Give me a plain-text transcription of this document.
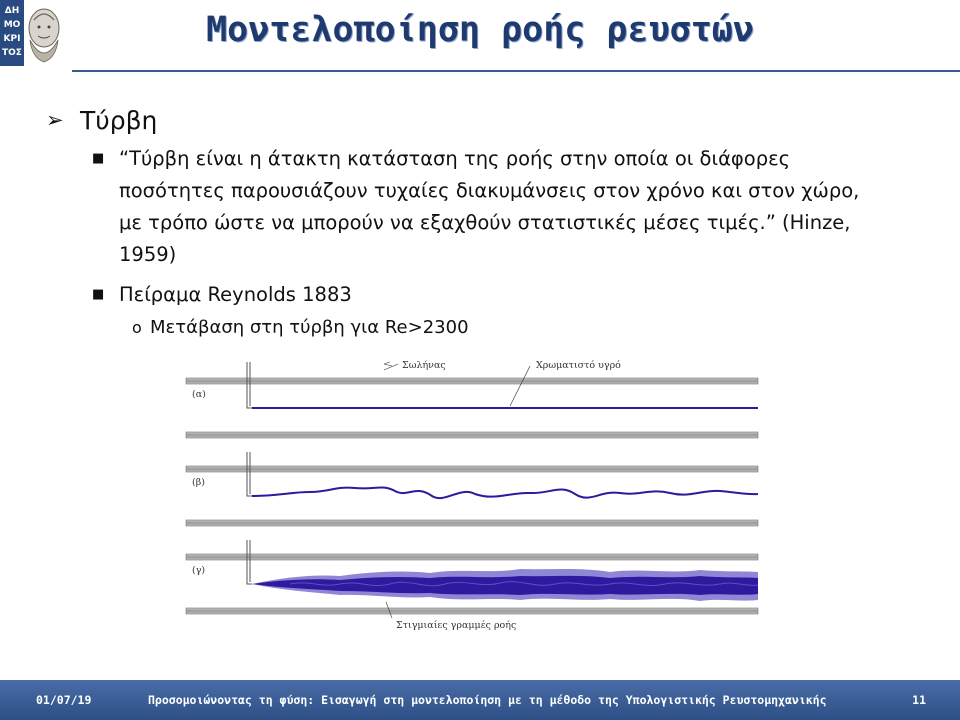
ΔΗ
ΜΟ
ΚΡΙ
ΤΟΣ
Μοντελοποίηση ροής ρευστών
➢ Τύρβη
■ “Τύρβη είναι η άτακτη κατάσταση της ροής στην οποία οι διάφορες ποσότητες παρουσιάζουν τυχαίες διακυμάνσεις στον χρόνο και στον χώρο, με τρόπο ώστε να μπορούν να εξαχθούν στατιστικές μέσες τιμές.” (Hinze, 1959)
■ Πείραμα Reynolds 1883
o Μετάβαση στη τύρβη για Re>2300
(α)
Σωλήνας	Χρωματιστό υγρό
(β)
(γ)
Στιγμιαίες γραμμές ροής
01/07/19	Προσομοιώνοντας τη φύση: Εισαγωγή στη μοντελοποίηση με τη μέθοδο της Υπολογιστικής Ρευστομηχανικής	11
